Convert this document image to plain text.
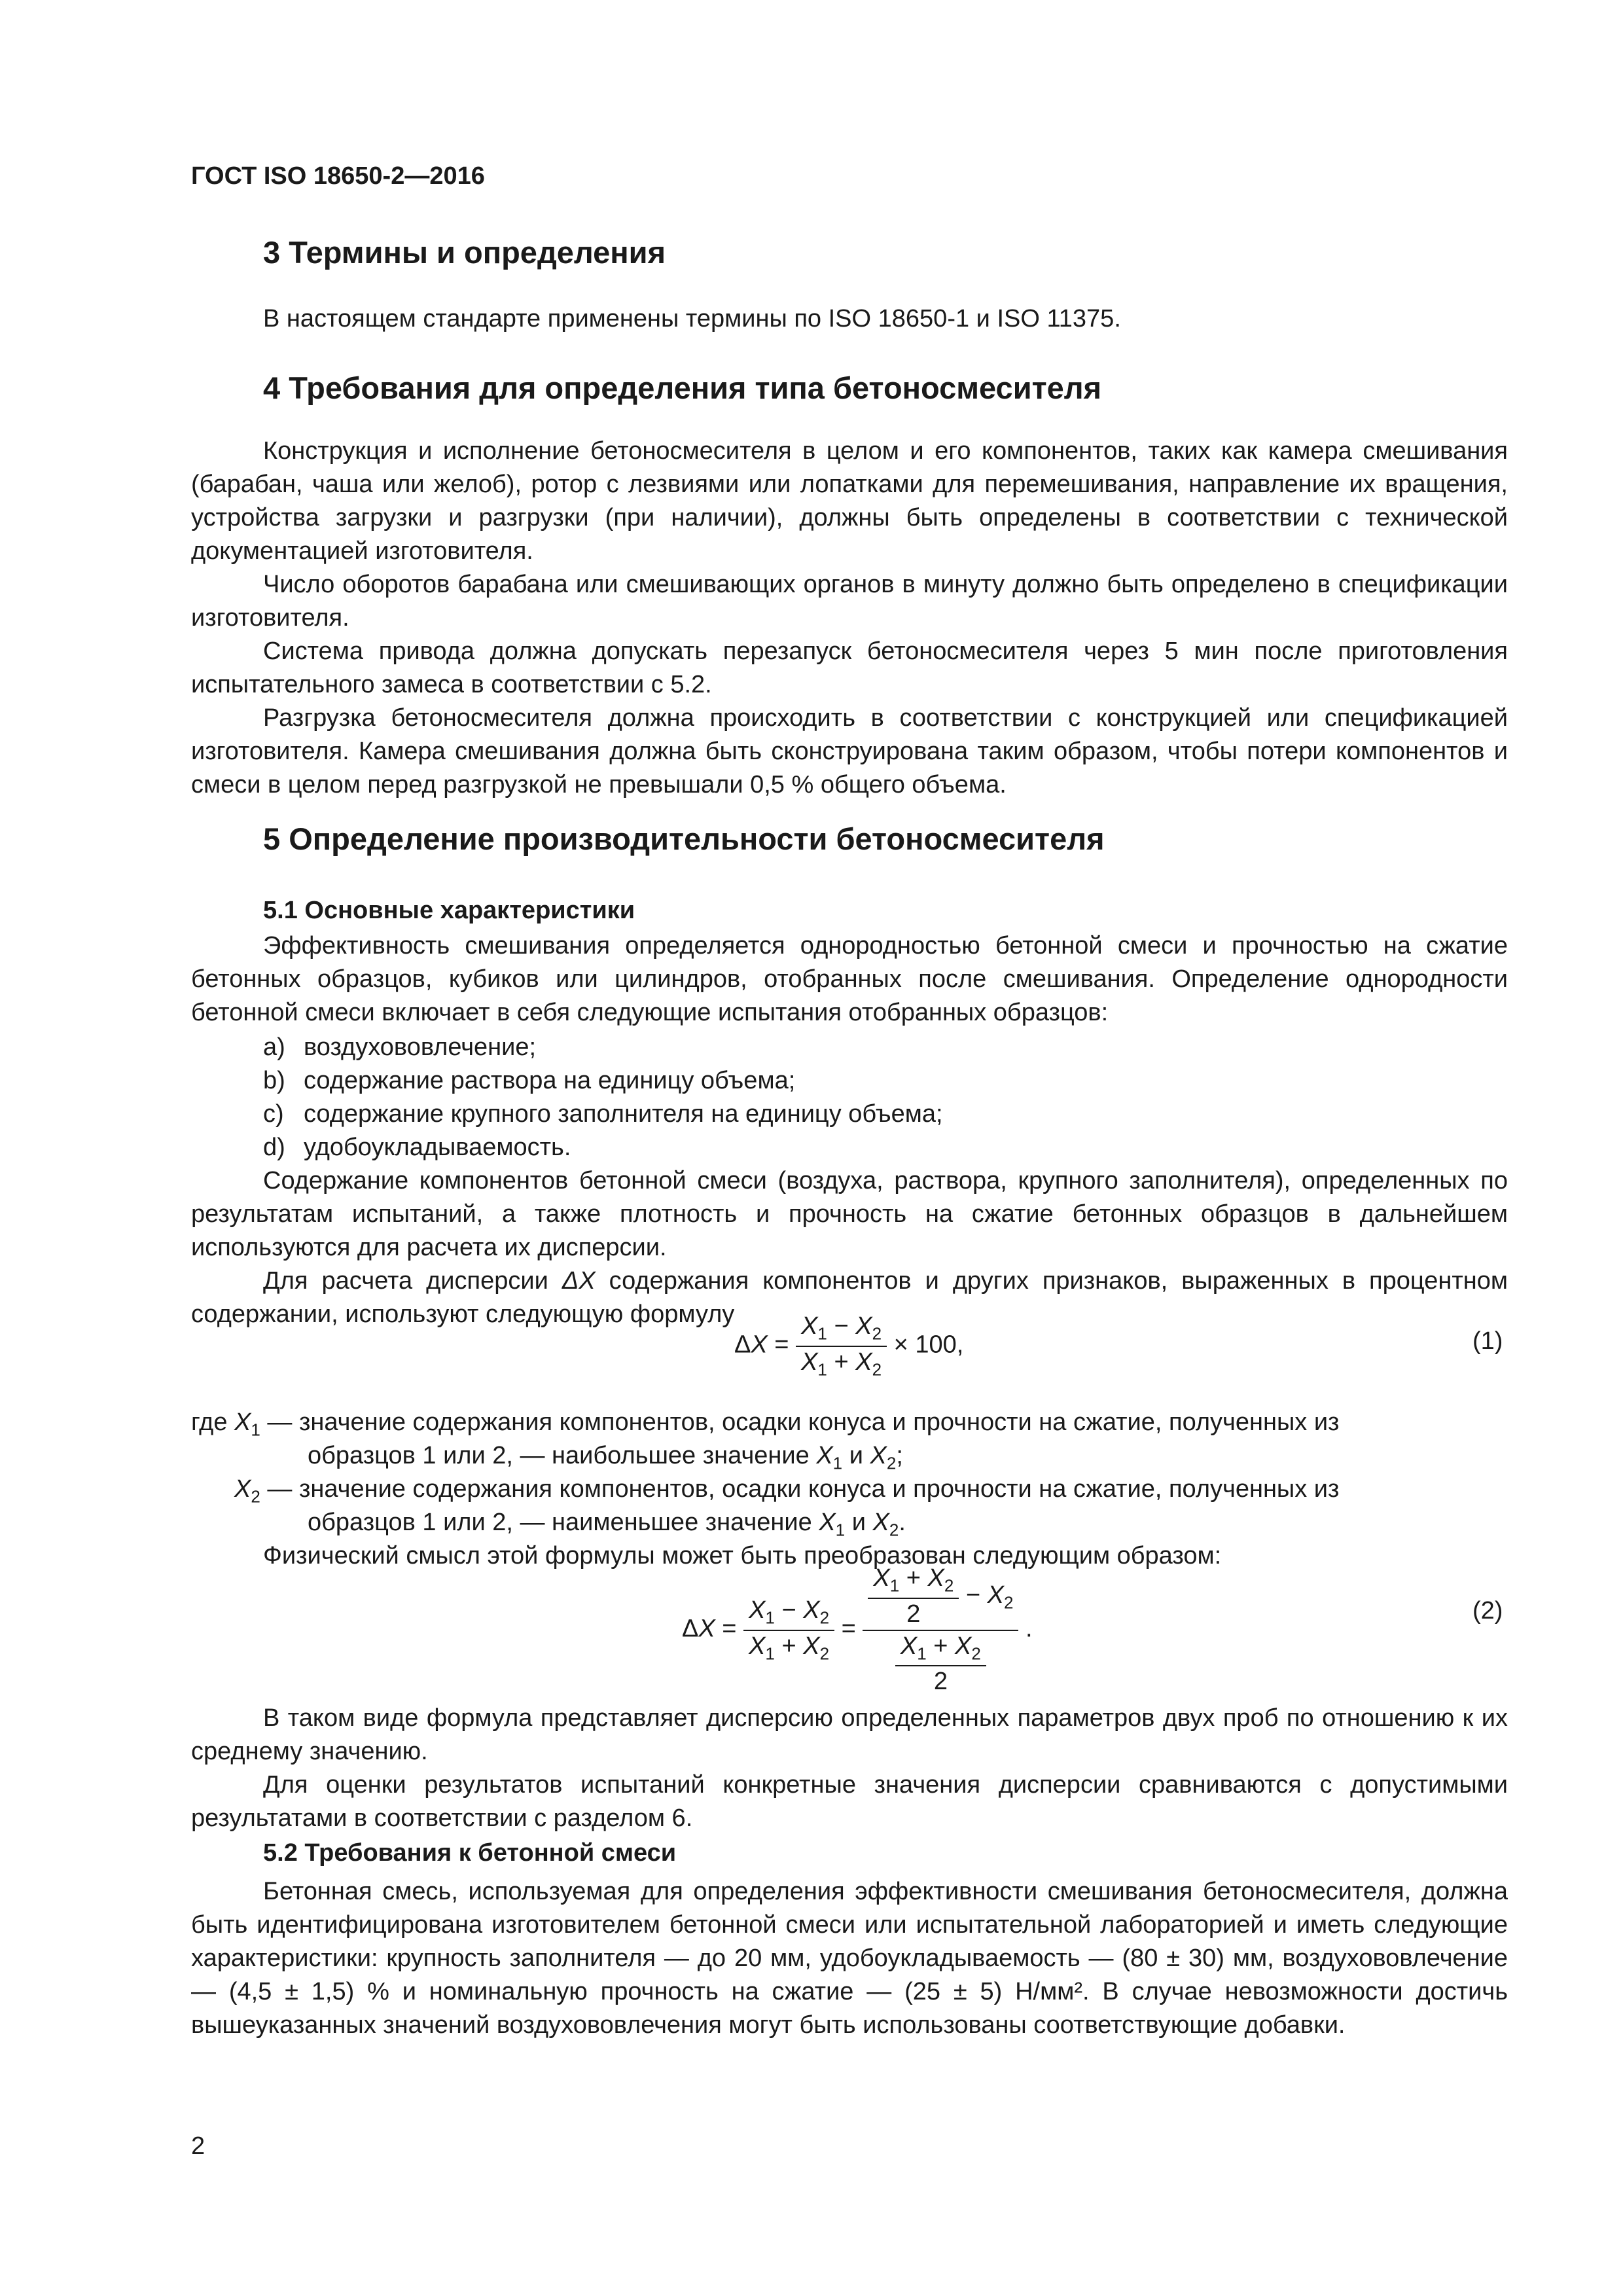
ГОСТ ISO 18650-2—2016
3 Термины и определения

В настоящем стандарте применены термины по ISO 18650-1 и ISO 11375.

4 Требования для определения типа бетоносмесителя

Конструкция и исполнение бетоносмесителя в целом и его компонентов, таких как камера смешивания (барабан, чаша или желоб), ротор с лезвиями или лопатками для перемешивания, направление их вращения, устройства загрузки и разгрузки (при наличии), должны быть определены в соответствии с технической документацией изготовителя.

Число оборотов барабана или смешивающих органов в минуту должно быть определено в спецификации изготовителя.

Система привода должна допускать перезапуск бетоносмесителя через 5 мин после приготовления испытательного замеса в соответствии с 5.2.

Разгрузка бетоносмесителя должна происходить в соответствии с конструкцией или спецификацией изготовителя. Камера смешивания должна быть сконструирована таким образом, чтобы потери компонентов и смеси в целом перед разгрузкой не превышали 0,5 % общего объема.

5 Определение производительности бетоносмесителя
5.1 Основные характеристики

Эффективность смешивания определяется однородностью бетонной смеси и прочностью на сжатие бетонных образцов, кубиков или цилиндров, отобранных после смешивания. Определение однородности бетонной смеси включает в себя следующие испытания отобранных образцов:

a) воздухововлечение;
b) содержание раствора на единицу объема;
c) содержание крупного заполнителя на единицу объема;
d) удобоукладываемость.

Содержание компонентов бетонной смеси (воздуха, раствора, крупного заполнителя), определенных по результатам испытаний, а также плотность и прочность на сжатие бетонных образцов в дальнейшем используются для расчета их дисперсии.

Для расчета дисперсии ΔX содержания компонентов и других признаков, выраженных в процентном содержании, используют следующую формулу

$\Delta X = \frac{X_1 - X_2}{X_1 + X_2} \times 100$,	(1)
где $X_1$ — значение содержания компонентов, осадки конуса и прочности на сжатие, полученных из
образцов 1 или 2, — наибольшее значение $X_1$ и $X_2$;
$X_2$ — значение содержания компонентов, осадки конуса и прочности на сжатие, полученных из
образцов 1 или 2, — наименьшее значение $X_1$ и $X_2$.

Физический смысл этой формулы может быть преобразован следующим образом:

$\Delta X = \frac{X_1 - X_2}{X_1 + X_2} = \frac{\frac{X_1 + X_2}{2} - X_2}{\frac{X_1 + X_2}{2}}$ .
(2)

В таком виде формула представляет дисперсию определенных параметров двух проб по отношению к их среднему значению.

Для оценки результатов испытаний конкретные значения дисперсии сравниваются с допустимыми результатами в соответствии с разделом 6.

5.2 Требования к бетонной смеси

Бетонная смесь, используемая для определения эффективности смешивания бетоносмесителя, должна быть идентифицирована изготовителем бетонной смеси или испытательной лабораторией и иметь следующие характеристики: крупность заполнителя — до 20 мм, удобоукладываемость — (80 ± 30) мм, воздухововлечение — (4,5 ± 1,5) % и номинальную прочность на сжатие — (25 ± 5) Н/мм². В случае невозможности достичь вышеуказанных значений воздухововлечения могут быть использованы соответствующие добавки.

2
